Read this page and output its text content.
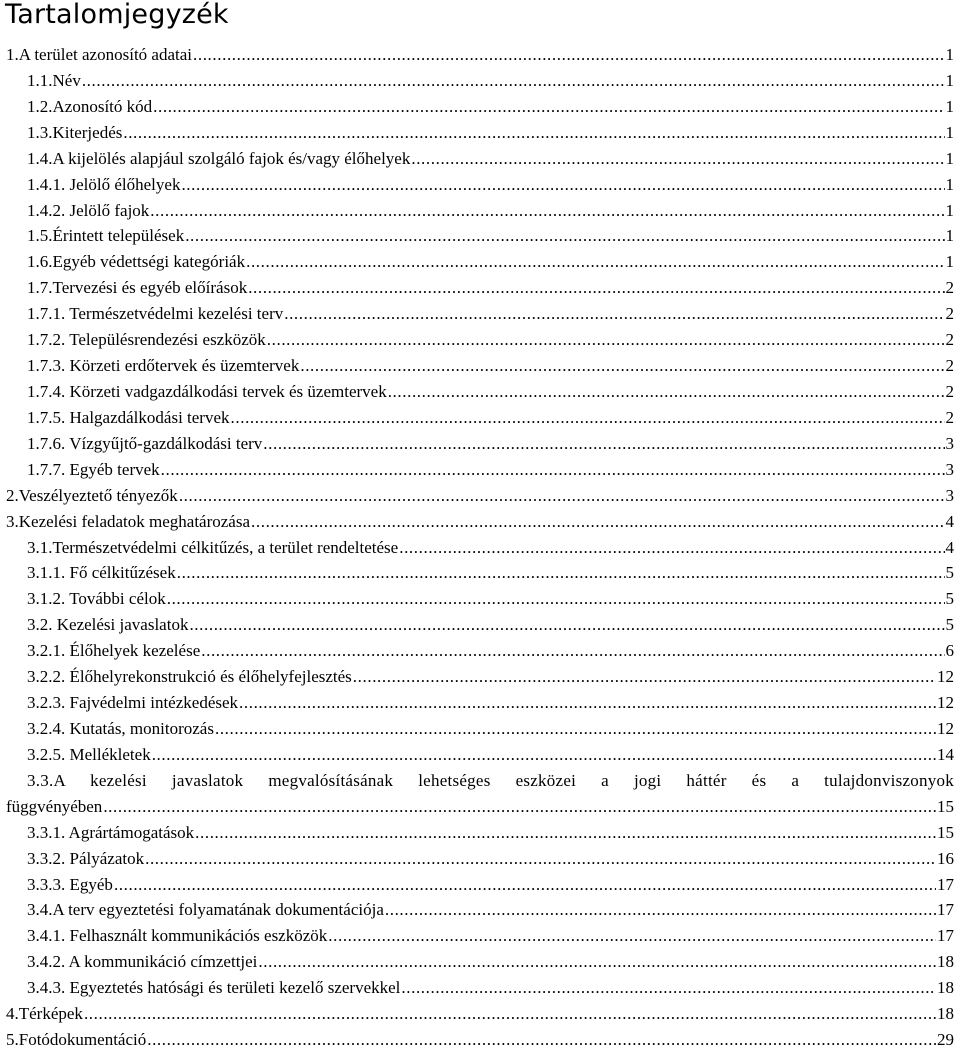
Tartalomjegyzék
1.A terület azonosító adatai .....	1
1.1.Név .....	1
1.2.Azonosító kód .....	1
1.3.Kiterjedés .....	1
1.4.A kijelölés alapjául szolgáló fajok és/vagy élőhelyek .....	1
1.4.1. Jelölő élőhelyek .....	1
1.4.2. Jelölő fajok .....	1
1.5.Érintett települések .....	1
1.6.Egyéb védettségi kategóriák .....	1
1.7.Tervezési és egyéb előírások .....	2
1.7.1. Természetvédelmi kezelési terv .....	2
1.7.2. Településrendezési eszközök .....	2
1.7.3. Körzeti erdőtervek és üzemtervek .....	2
1.7.4. Körzeti vadgazdálkodási tervek és üzemtervek .....	2
1.7.5. Halgazdálkodási tervek .....	2
1.7.6. Vízgyűjtő-gazdálkodási terv .....	3
1.7.7. Egyéb tervek .....	3
2.Veszélyeztető tényezők .....	3
3.Kezelési feladatok meghatározása .....	4
3.1.Természetvédelmi célkitűzés, a terület rendeltetése .....	4
3.1.1. Fő célkitűzések .....	5
3.1.2. További célok .....	5
3.2. Kezelési javaslatok .....	5
3.2.1. Élőhelyek kezelése .....	6
3.2.2. Élőhelyrekonstrukció és élőhelyfejlesztés .....	12
3.2.3. Fajvédelmi intézkedések .....	12
3.2.4. Kutatás, monitorozás .....	12
3.2.5. Mellékletek .....	14
3.3.A kezelési javaslatok megvalósításának lehetséges eszközei a jogi háttér és a tulajdonviszonyok
függvényében .....	15
3.3.1. Agrártámogatások .....	15
3.3.2. Pályázatok .....	16
3.3.3. Egyéb .....	17
3.4.A terv egyeztetési folyamatának dokumentációja .....	17
3.4.1. Felhasznált kommunikációs eszközök .....	17
3.4.2. A kommunikáció címzettjei .....	18
3.4.3. Egyeztetés hatósági és területi kezelő szervekkel .....	18
4.Térképek .....	18
5.Fotódokumentáció .....	29
